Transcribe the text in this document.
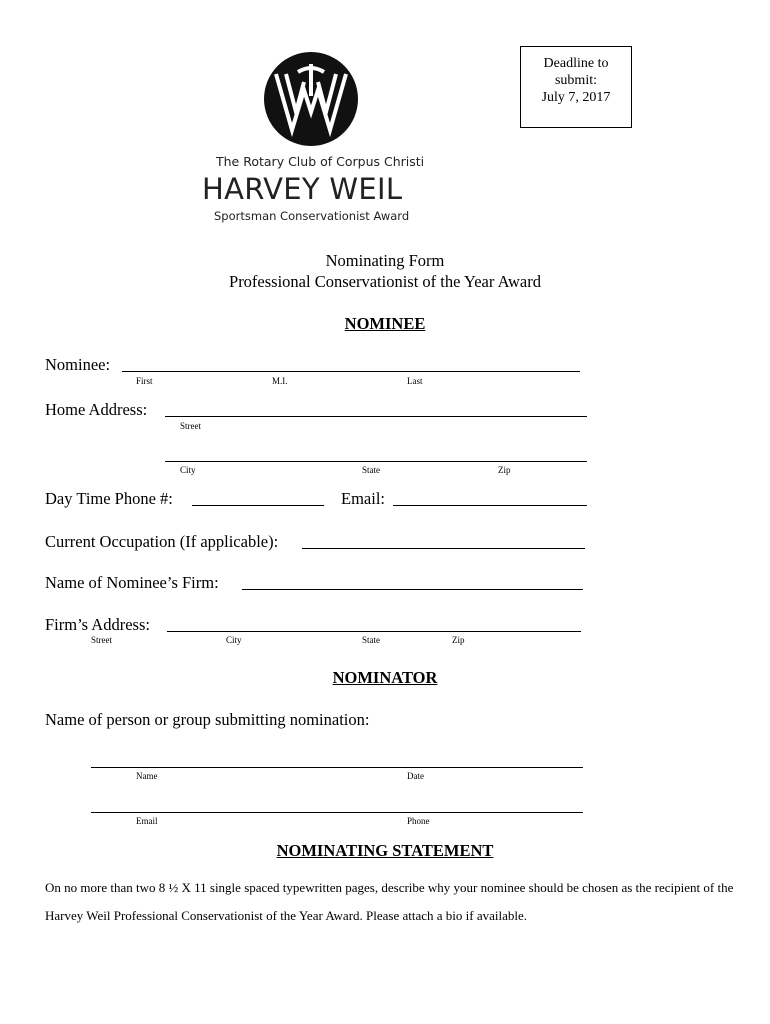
Deadline to
submit:
July 7, 2017
The Rotary Club of Corpus Christi
HARVEY WEIL
Sportsman Conservationist Award
Nominating Form
Professional Conservationist of the Year Award
NOMINEE
Nominee:
First	M.I.	Last
Home Address:
Street
City	State	Zip
Day Time Phone #:	Email:
Current Occupation (If applicable):
Name of Nominee’s Firm:
Firm’s Address:
Street	City	State	Zip
NOMINATOR
Name of person or group submitting nomination:
Name	Date
Email	Phone
NOMINATING STATEMENT
On no more than two 8 ½ X 11 single spaced typewritten pages, describe why your nominee should be chosen as the recipient of the Harvey Weil Professional Conservationist of the Year Award. Please attach a bio if available.
